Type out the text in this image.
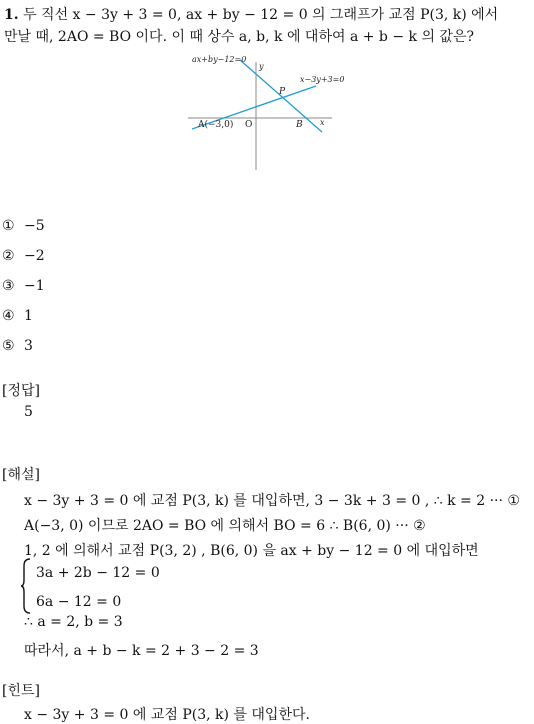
1. 두 직선 x − 3y + 3 = 0, ax + by − 12 = 0 의 그래프가 교점 P(3, k) 에서
만날 때, 2AO = BO 이다. 이 때 상수 a, b, k 에 대하여 a + b − k 의 값은?
ax+by−12=0
y
x−3y+3=0
P
A(−3,0) O	B x
① −5
② −2
③ −1
④ 1
⑤ 3
[정답]
5
[해설]
x − 3y + 3 = 0 에 교점 P(3, k) 를 대입하면, 3 − 3k + 3 = 0 , ∴ k = 2 ··· ①
A(−3, 0) 이므로 2AO = BO 에 의해서 BO = 6 ∴ B(6, 0) ··· ②
1, 2 에 의해서 교점 P(3, 2) , B(6, 0) 을 ax + by − 12 = 0 에 대입하면
3a + 2b − 12 = 0
6a − 12 = 0
∴ a = 2, b = 3
따라서, a + b − k = 2 + 3 − 2 = 3
[힌트]
x − 3y + 3 = 0 에 교점 P(3, k) 를 대입한다.
